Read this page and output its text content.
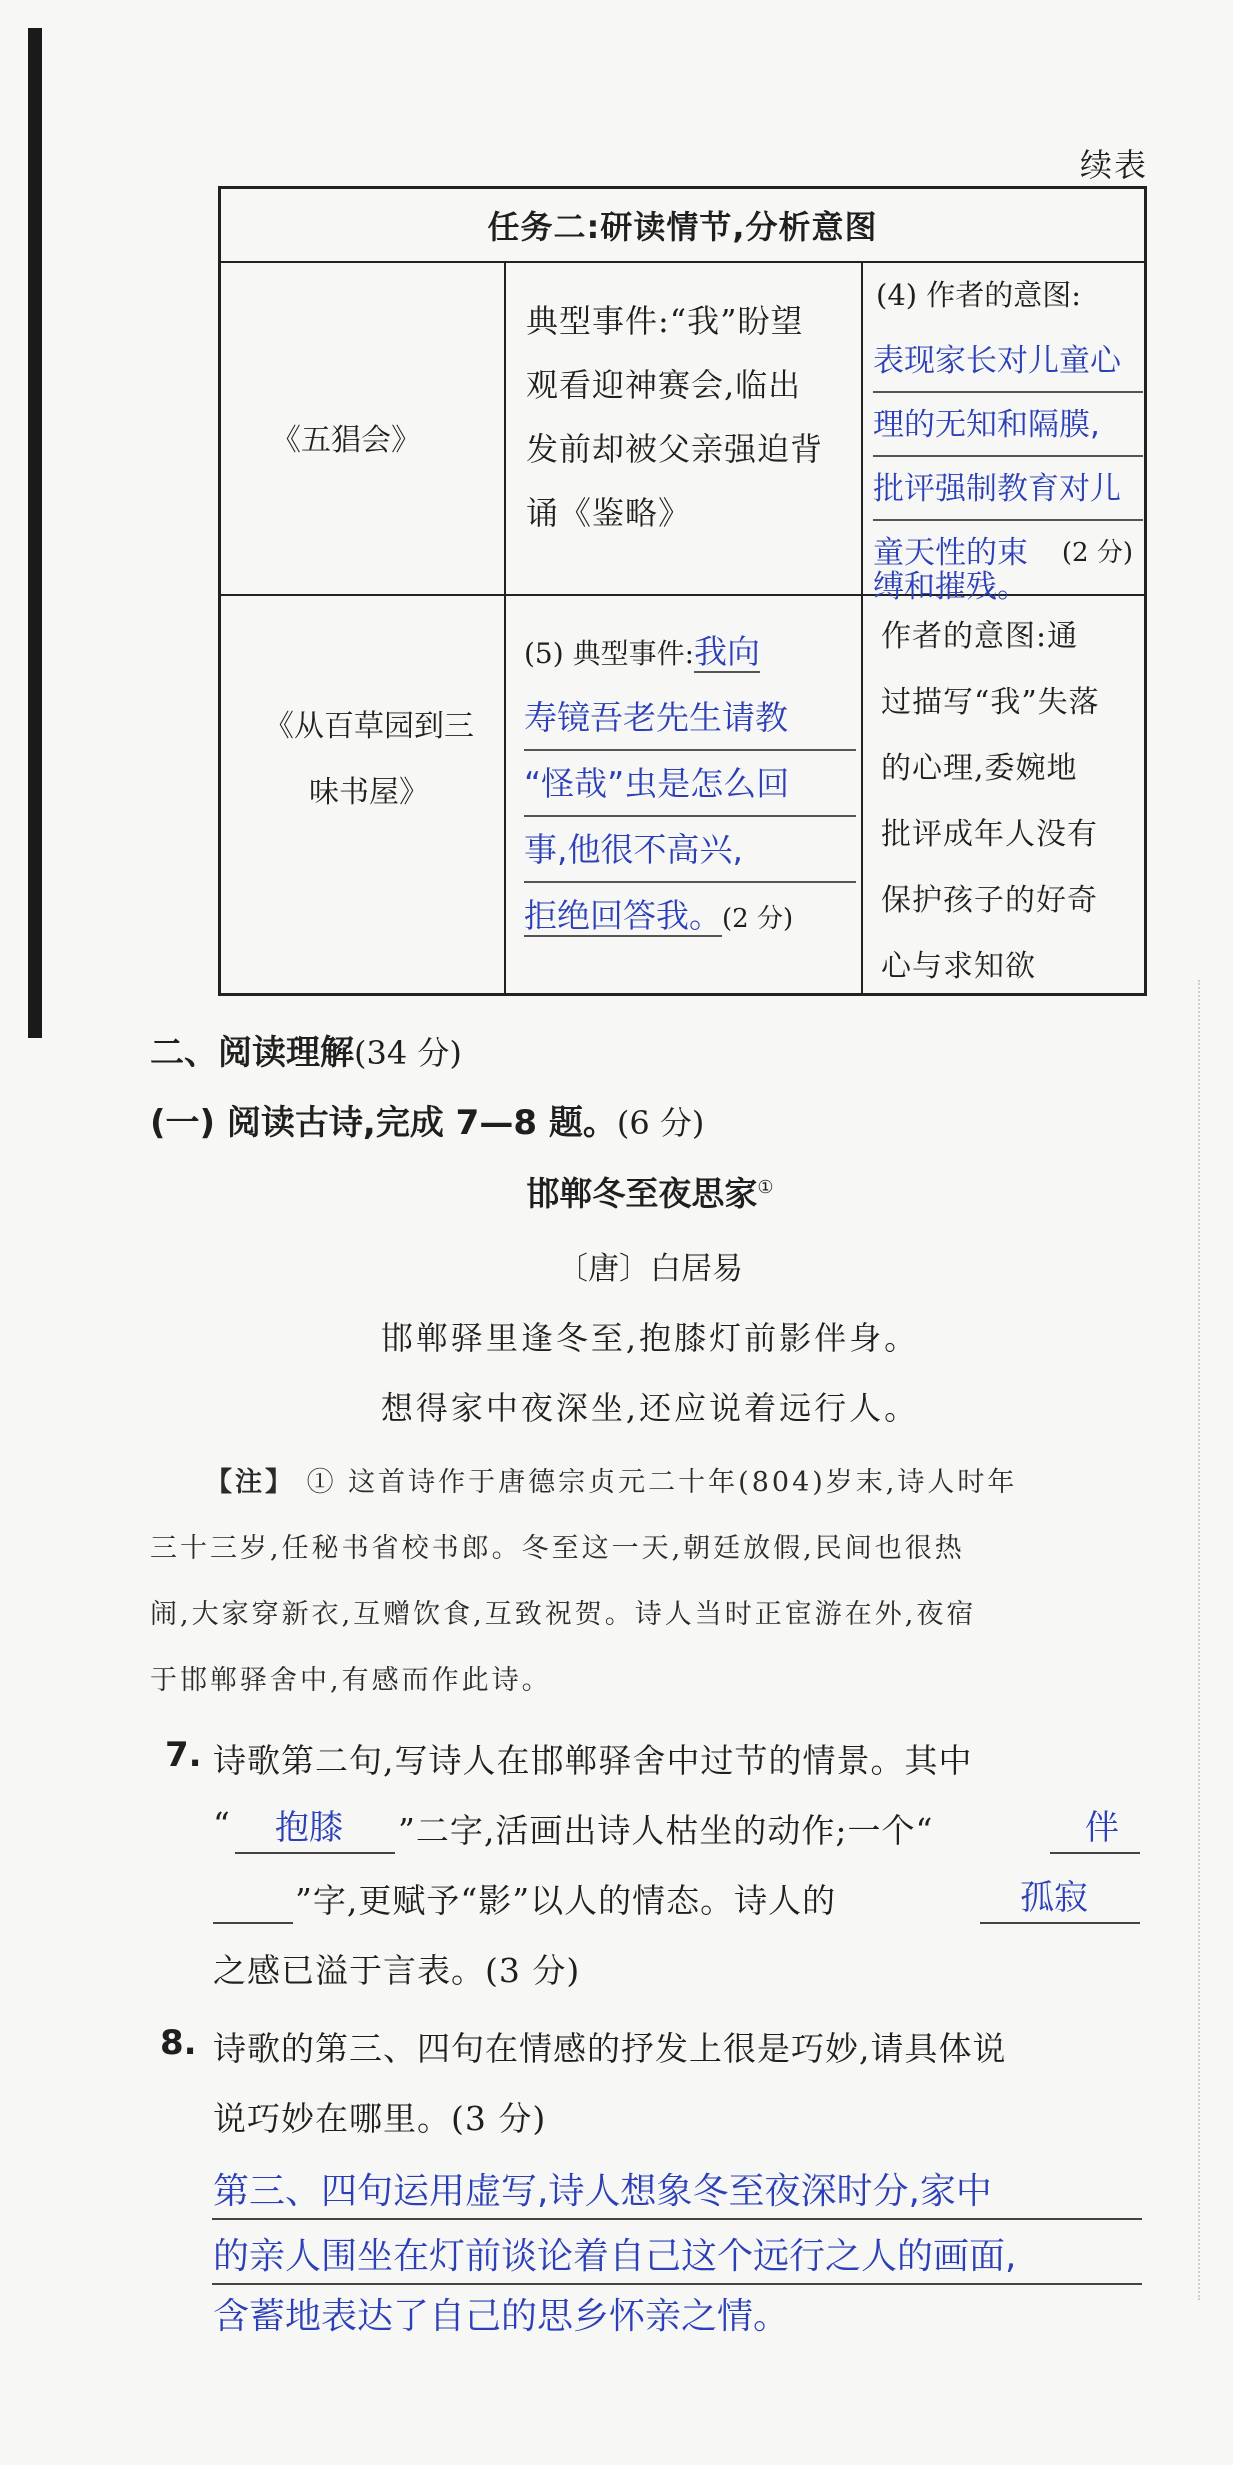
续表
任务二:研读情节,分析意图
《五猖会》
典型事件:“我”盼望
观看迎神赛会,临出
发前却被父亲强迫背
诵《鉴略》
(4) 作者的意图:
表现家长对儿童心
理的无知和隔膜,
批评强制教育对儿
童天性的束 (2 分)
缚和摧残。
《从百草园到三
味书屋》
(5) 典型事件:我向
寿镜吾老先生请教
“怪哉”虫是怎么回
事,他很不高兴,
拒绝回答我。(2 分)
作者的意图:通
过描写“我”失落
的心理,委婉地
批评成年人没有
保护孩子的好奇
心与求知欲
二、阅读理解(34 分)
(一) 阅读古诗,完成 7—8 题。(6 分)
邯郸冬至夜思家①
〔唐〕白居易
邯郸驿里逢冬至,抱膝灯前影伴身。
想得家中夜深坐,还应说着远行人。
【注】 ① 这首诗作于唐德宗贞元二十年(804)岁末,诗人时年
三十三岁,任秘书省校书郎。冬至这一天,朝廷放假,民间也很热
闹,大家穿新衣,互赠饮食,互致祝贺。诗人当时正宦游在外,夜宿
于邯郸驿舍中,有感而作此诗。
7. 诗歌第二句,写诗人在邯郸驿舍中过节的情景。其中
“ 抱膝 ”二字,活画出诗人枯坐的动作;一个“	伴
”字,更赋予“影”以人的情态。诗人的	孤寂
之感已溢于言表。(3 分)
8. 诗歌的第三、四句在情感的抒发上很是巧妙,请具体说
说巧妙在哪里。(3 分)
第三、四句运用虚写,诗人想象冬至夜深时分,家中
的亲人围坐在灯前谈论着自己这个远行之人的画面,
含蓄地表达了自己的思乡怀亲之情。
